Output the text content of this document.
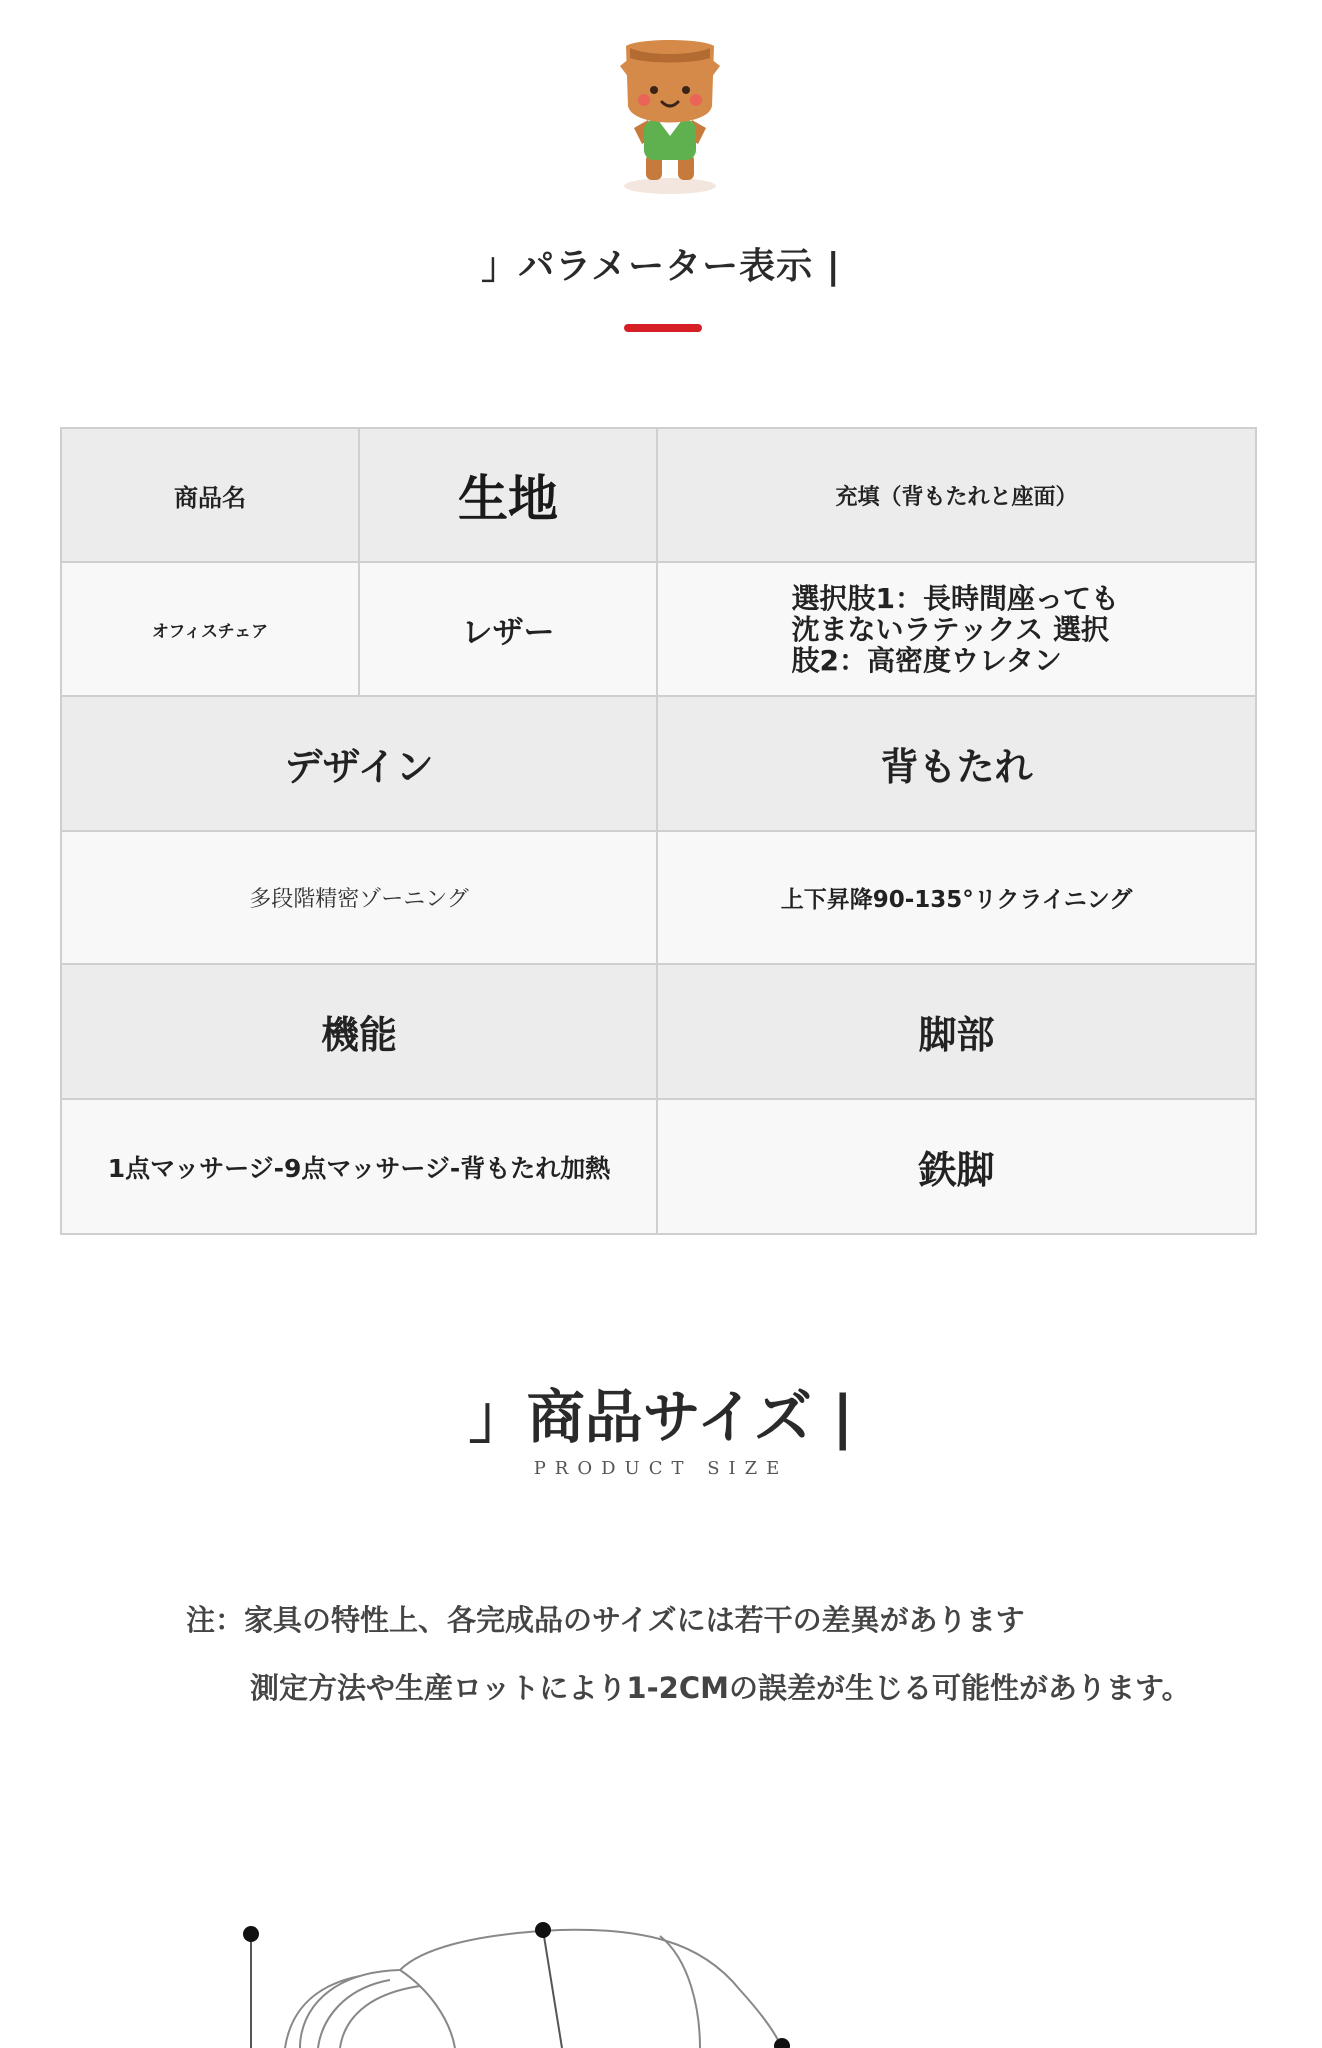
」パラメーター表示 |
商品名	生地	充填（背もたれと座面）
オフィスチェア	レザー	選択肢1：長時間座っても沈まないラテックス 選択肢2：高密度ウレタン
デザイン		背もたれ
多段階精密ゾーニング		上下昇降90-135°リクライニング
機能		脚部
1点マッサージ-9点マッサージ-背もたれ加熱		鉄脚
」商品サイズ |
PRODUCT SIZE
注：家具の特性上、各完成品のサイズには若干の差異があります
測定方法や生産ロットにより1-2CMの誤差が生じる可能性があります。
